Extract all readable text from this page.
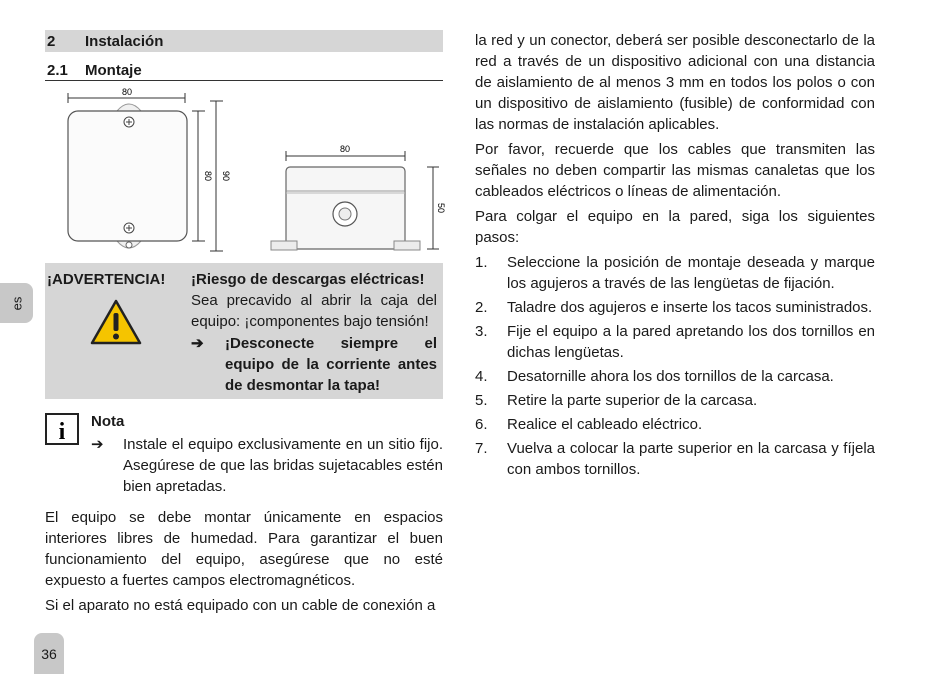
es
2	Instalación
2.1	Montaje
80
80 90
80
50
¡ADVERTENCIA!	¡Riesgo de descargas eléctricas!
Sea precavido al abrir la caja del equipo: ¡componentes bajo tensión!
➔	¡Desconecte siempre el equipo de la corriente antes de desmontar la tapa!
i Nota
➔	Instale el equipo exclusivamente en un sitio fijo. Asegúrese de que las bridas sujetacables estén bien apretadas.

El equipo se debe montar únicamente en espacios interiores libres de humedad. Para garantizar el buen funcionamiento del equipo, asegúrese que no esté expuesto a fuertes campos electromagnéticos.

Si el aparato no está equipado con un cable de conexión a

la red y un conector, deberá ser posible desconectarlo de la red a través de un dispositivo adicional con una distancia de aislamiento de al menos 3 mm en todos los polos o con un dispositivo de aislamiento (fusible) de conformidad con las normas de instalación aplicables.

Por favor, recuerde que los cables que transmiten las señales no deben compartir las mismas canaletas que los cableados eléctricos o líneas de alimentación.

Para colgar el equipo en la pared, siga los siguientes pasos:

1.	Seleccione la posición de montaje deseada y marque los agujeros a través de las lengüetas de fijación.
2.	Taladre dos agujeros e inserte los tacos suministrados.
3.	Fije el equipo a la pared apretando los dos tornillos en dichas lengüetas.
4.	Desatornille ahora los dos tornillos de la carcasa.
5.	Retire la parte superior de la carcasa.
6.	Realice el cableado eléctrico.
7.	Vuelva a colocar la parte superior en la carcasa y fíjela con ambos tornillos.
36
